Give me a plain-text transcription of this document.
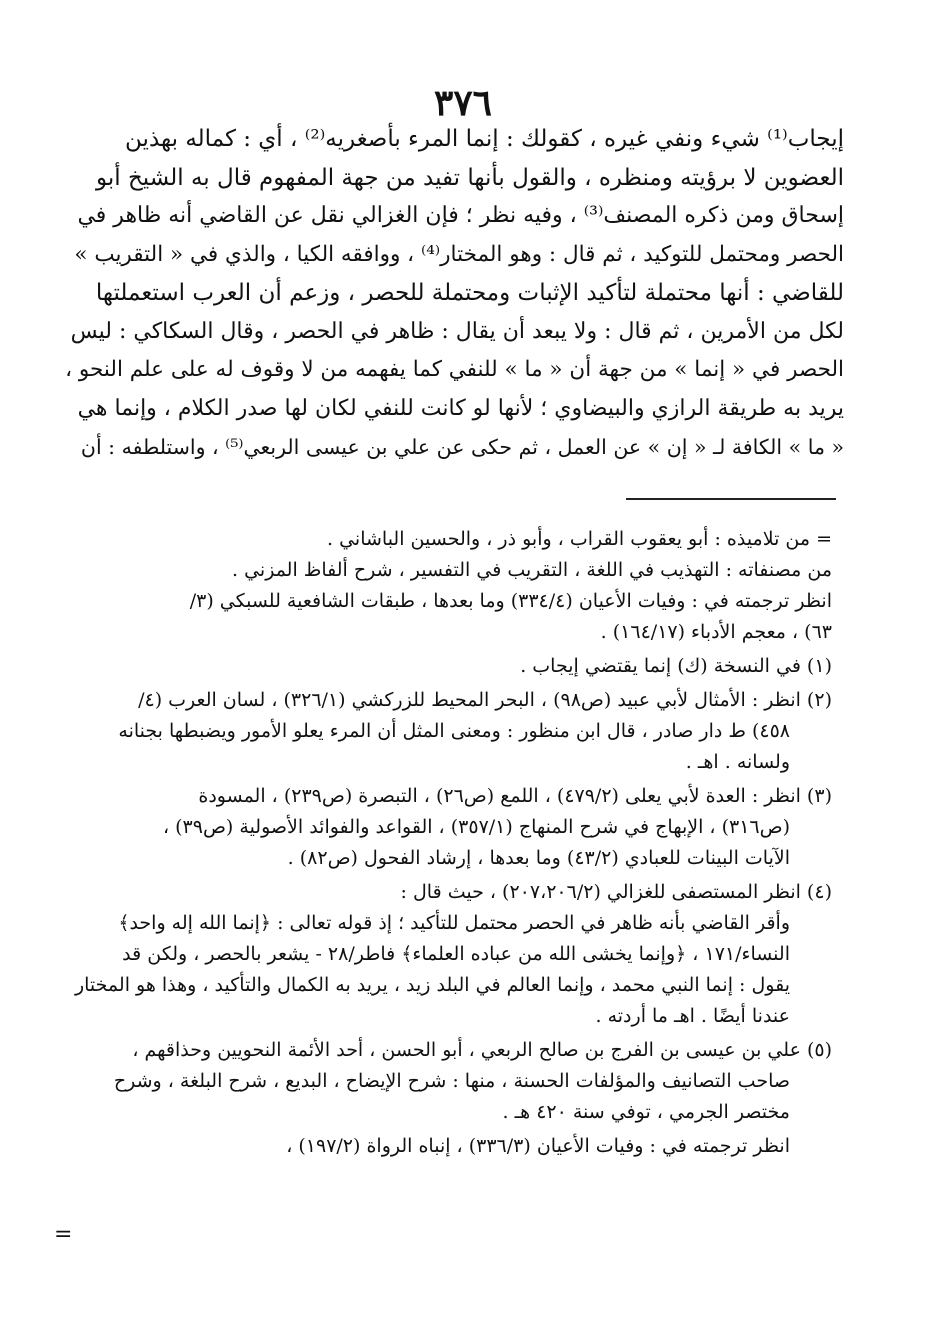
٣٧٦
إيجاب⁽¹⁾ شيء ونفي غيره ، كقولك : إنما المرء بأصغريه⁽²⁾ ، أي : كماله بهذين
العضوين لا برؤيته ومنظره ، والقول بأنها تفيد من جهة المفهوم قال به الشيخ أبو
إسحاق ومن ذكره المصنف⁽³⁾ ، وفيه نظر ؛ فإن الغزالي نقل عن القاضي أنه ظاهر في
الحصر ومحتمل للتوكيد ، ثم قال : وهو المختار⁽⁴⁾ ، ووافقه الكيا ، والذي في « التقريب »
للقاضي : أنها محتملة لتأكيد الإثبات ومحتملة للحصر ، وزعم أن العرب استعملتها
لكل من الأمرين ، ثم قال : ولا يبعد أن يقال : ظاهر في الحصر ، وقال السكاكي : ليس
الحصر في « إنما » من جهة أن « ما » للنفي كما يفهمه من لا وقوف له على علم النحو ،
يريد به طريقة الرازي والبيضاوي ؛ لأنها لو كانت للنفي لكان لها صدر الكلام ، وإنما هي
« ما » الكافة لـ « إن » عن العمل ، ثم حكى عن علي بن عيسى الربعي⁽⁵⁾ ، واستلطفه : أن
= من تلاميذه : أبو يعقوب القراب ، وأبو ذر ، والحسين الباشاني .
من مصنفاته : التهذيب في اللغة ، التقريب في التفسير ، شرح ألفاظ المزني .
انظر ترجمته في : وفيات الأعيان (٣٣٤/٤) وما بعدها ، طبقات الشافعية للسبكي (٣/
٦٣) ، معجم الأدباء (١٦٤/١٧) .
(١) في النسخة (ك) إنما يقتضي إيجاب .
(٢) انظر : الأمثال لأبي عبيد (ص٩٨) ، البحر المحيط للزركشي (٣٢٦/١) ، لسان العرب (٤/
٤٥٨) ط دار صادر ، قال ابن منظور : ومعنى المثل أن المرء يعلو الأمور ويضبطها بجنانه
ولسانه . اهـ .
(٣) انظر : العدة لأبي يعلى (٤٧٩/٢) ، اللمع (ص٢٦) ، التبصرة (ص٢٣٩) ، المسودة
(ص٣١٦) ، الإبهاج في شرح المنهاج (٣٥٧/١) ، القواعد والفوائد الأصولية (ص٣٩) ،
الآيات البينات للعبادي (٤٣/٢) وما بعدها ، إرشاد الفحول (ص٨٢) .
(٤) انظر المستصفى للغزالي (٢٠٧،٢٠٦/٢) ، حيث قال :
وأقر القاضي بأنه ظاهر في الحصر محتمل للتأكيد ؛ إذ قوله تعالى : ﴿إنما الله إله واحد﴾
النساء/١٧١ ، ﴿وإنما يخشى الله من عباده العلماء﴾ فاطر/٢٨ - يشعر بالحصر ، ولكن قد
يقول : إنما النبي محمد ، وإنما العالم في البلد زيد ، يريد به الكمال والتأكيد ، وهذا هو المختار
عندنا أيضًا . اهـ ما أردته .
(٥) علي بن عيسى بن الفرج بن صالح الربعي ، أبو الحسن ، أحد الأئمة النحويين وحذاقهم ،
صاحب التصانيف والمؤلفات الحسنة ، منها : شرح الإيضاح ، البديع ، شرح البلغة ، وشرح
مختصر الجرمي ، توفي سنة ٤٢٠ هـ .
انظر ترجمته في : وفيات الأعيان (٣٣٦/٣) ، إنباه الرواة (١٩٧/٢) ،
=
